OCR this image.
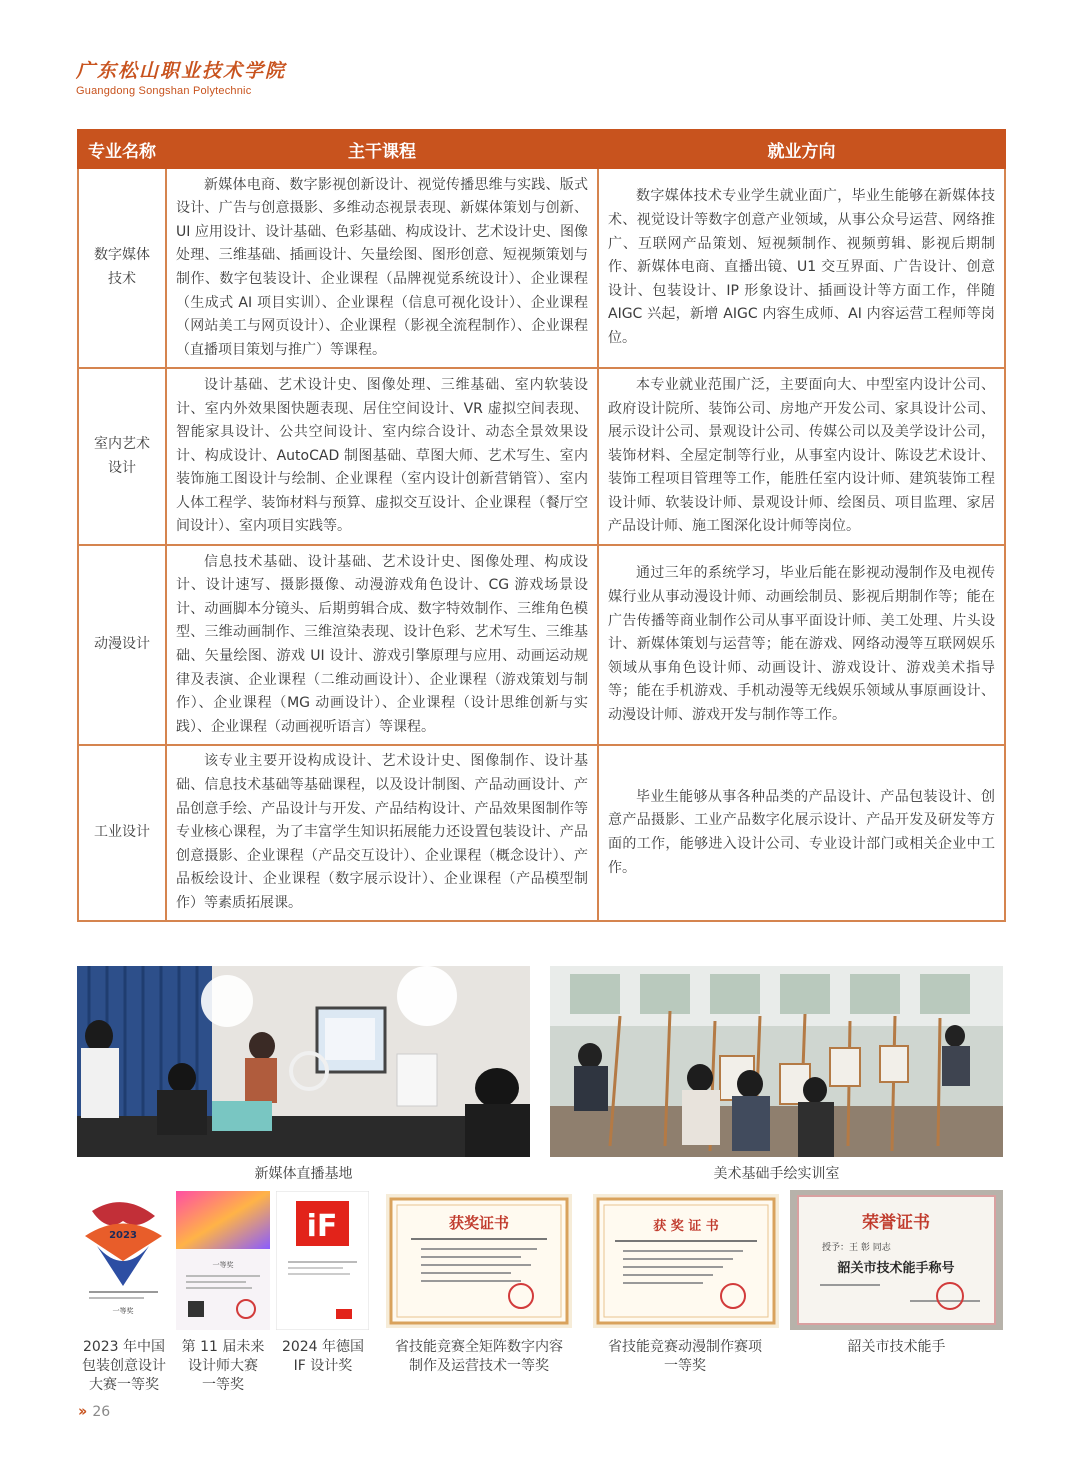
广东松山职业技术学院
Guangdong Songshan Polytechnic
专业名称	主干课程	就业方向

数字媒体
技术	新媒体电商、数字影视创新设计、视觉传播思维与实践、版式设计、广告与创意摄影、多维动态视景表现、新媒体策划与创新、UI 应用设计、设计基础、色彩基础、构成设计、艺术设计史、图像处理、三维基础、插画设计、矢量绘图、图形创意、短视频策划与制作、数字包装设计、企业课程（品牌视觉系统设计）、企业课程（生成式 AI 项目实训）、企业课程（信息可视化设计）、企业课程（网站美工与网页设计）、企业课程（影视全流程制作）、企业课程（直播项目策划与推广）等课程。	数字媒体技术专业学生就业面广，毕业生能够在新媒体技术、视觉设计等数字创意产业领域，从事公众号运营、网络推广、互联网产品策划、短视频制作、视频剪辑、影视后期制作、新媒体电商、直播出镜、U1 交互界面、广告设计、创意设计、包装设计、IP 形象设计、插画设计等方面工作，伴随 AIGC 兴起，新增 AIGC 内容生成师、AI 内容运营工程师等岗位。

室内艺术
设计	设计基础、艺术设计史、图像处理、三维基础、室内软装设计、室内外效果图快题表现、居住空间设计、VR 虚拟空间表现、智能家具设计、公共空间设计、室内综合设计、动态全景效果设计、构成设计、AutoCAD 制图基础、草图大师、艺术写生、室内装饰施工图设计与绘制、企业课程（室内设计创新营销管）、室内人体工程学、装饰材料与预算、虚拟交互设计、企业课程（餐厅空间设计）、室内项目实践等。	本专业就业范围广泛，主要面向大、中型室内设计公司、政府设计院所、装饰公司、房地产开发公司、家具设计公司、展示设计公司、景观设计公司、传媒公司以及美学设计公司，装饰材料、全屋定制等行业，从事室内设计、陈设艺术设计、装饰工程项目管理等工作，能胜任室内设计师、建筑装饰工程设计师、软装设计师、景观设计师、绘图员、项目监理、家居产品设计师、施工图深化设计师等岗位。

动漫设计	信息技术基础、设计基础、艺术设计史、图像处理、构成设计、设计速写、摄影摄像、动漫游戏角色设计、CG 游戏场景设计、动画脚本分镜头、后期剪辑合成、数字特效制作、三维角色模型、三维动画制作、三维渲染表现、设计色彩、艺术写生、三维基础、矢量绘图、游戏 UI 设计、游戏引擎原理与应用、动画运动规律及表演、企业课程（二维动画设计）、企业课程（游戏策划与制作）、企业课程（MG 动画设计）、企业课程（设计思维创新与实践）、企业课程（动画视听语言）等课程。	通过三年的系统学习，毕业后能在影视动漫制作及电视传媒行业从事动漫设计师、动画绘制员、影视后期制作等；能在广告传播等商业制作公司从事平面设计师、美工处理、片头设计、新媒体策划与运营等；能在游戏、网络动漫等互联网娱乐领域从事角色设计师、动画设计、游戏设计、游戏美术指导等；能在手机游戏、手机动漫等无线娱乐领域从事原画设计、动漫设计师、游戏开发与制作等工作。

工业设计	该专业主要开设构成设计、艺术设计史、图像制作、设计基础、信息技术基础等基础课程，以及设计制图、产品动画设计、产品创意手绘、产品设计与开发、产品结构设计、产品效果图制作等专业核心课程，为了丰富学生知识拓展能力还设置包装设计、产品创意摄影、企业课程（产品交互设计）、企业课程（概念设计）、产品板绘设计、企业课程（数字展示设计）、企业课程（产品模型制作）等素质拓展课。	毕业生能够从事各种品类的产品设计、产品包装设计、创意产品摄影、工业产品数字化展示设计、产品开发及研发等方面的工作，能够进入设计公司、专业设计部门或相关企业中工作。
新媒体直播基地	美术基础手绘实训室
2023
一等奖
2023 年中国
包装创意设计
大赛一等奖
一等奖
第 11 届未来
设计师大赛
一等奖
iF
2024 年德国
IF 设计奖
获奖证书
省技能竞赛全矩阵数字内容
制作及运营技术一等奖
获 奖 证 书
省技能竞赛动漫制作赛项
一等奖
荣誉证书
授予：王 彰 同志
韶关市技术能手称号
韶关市技术能手
›› 26
